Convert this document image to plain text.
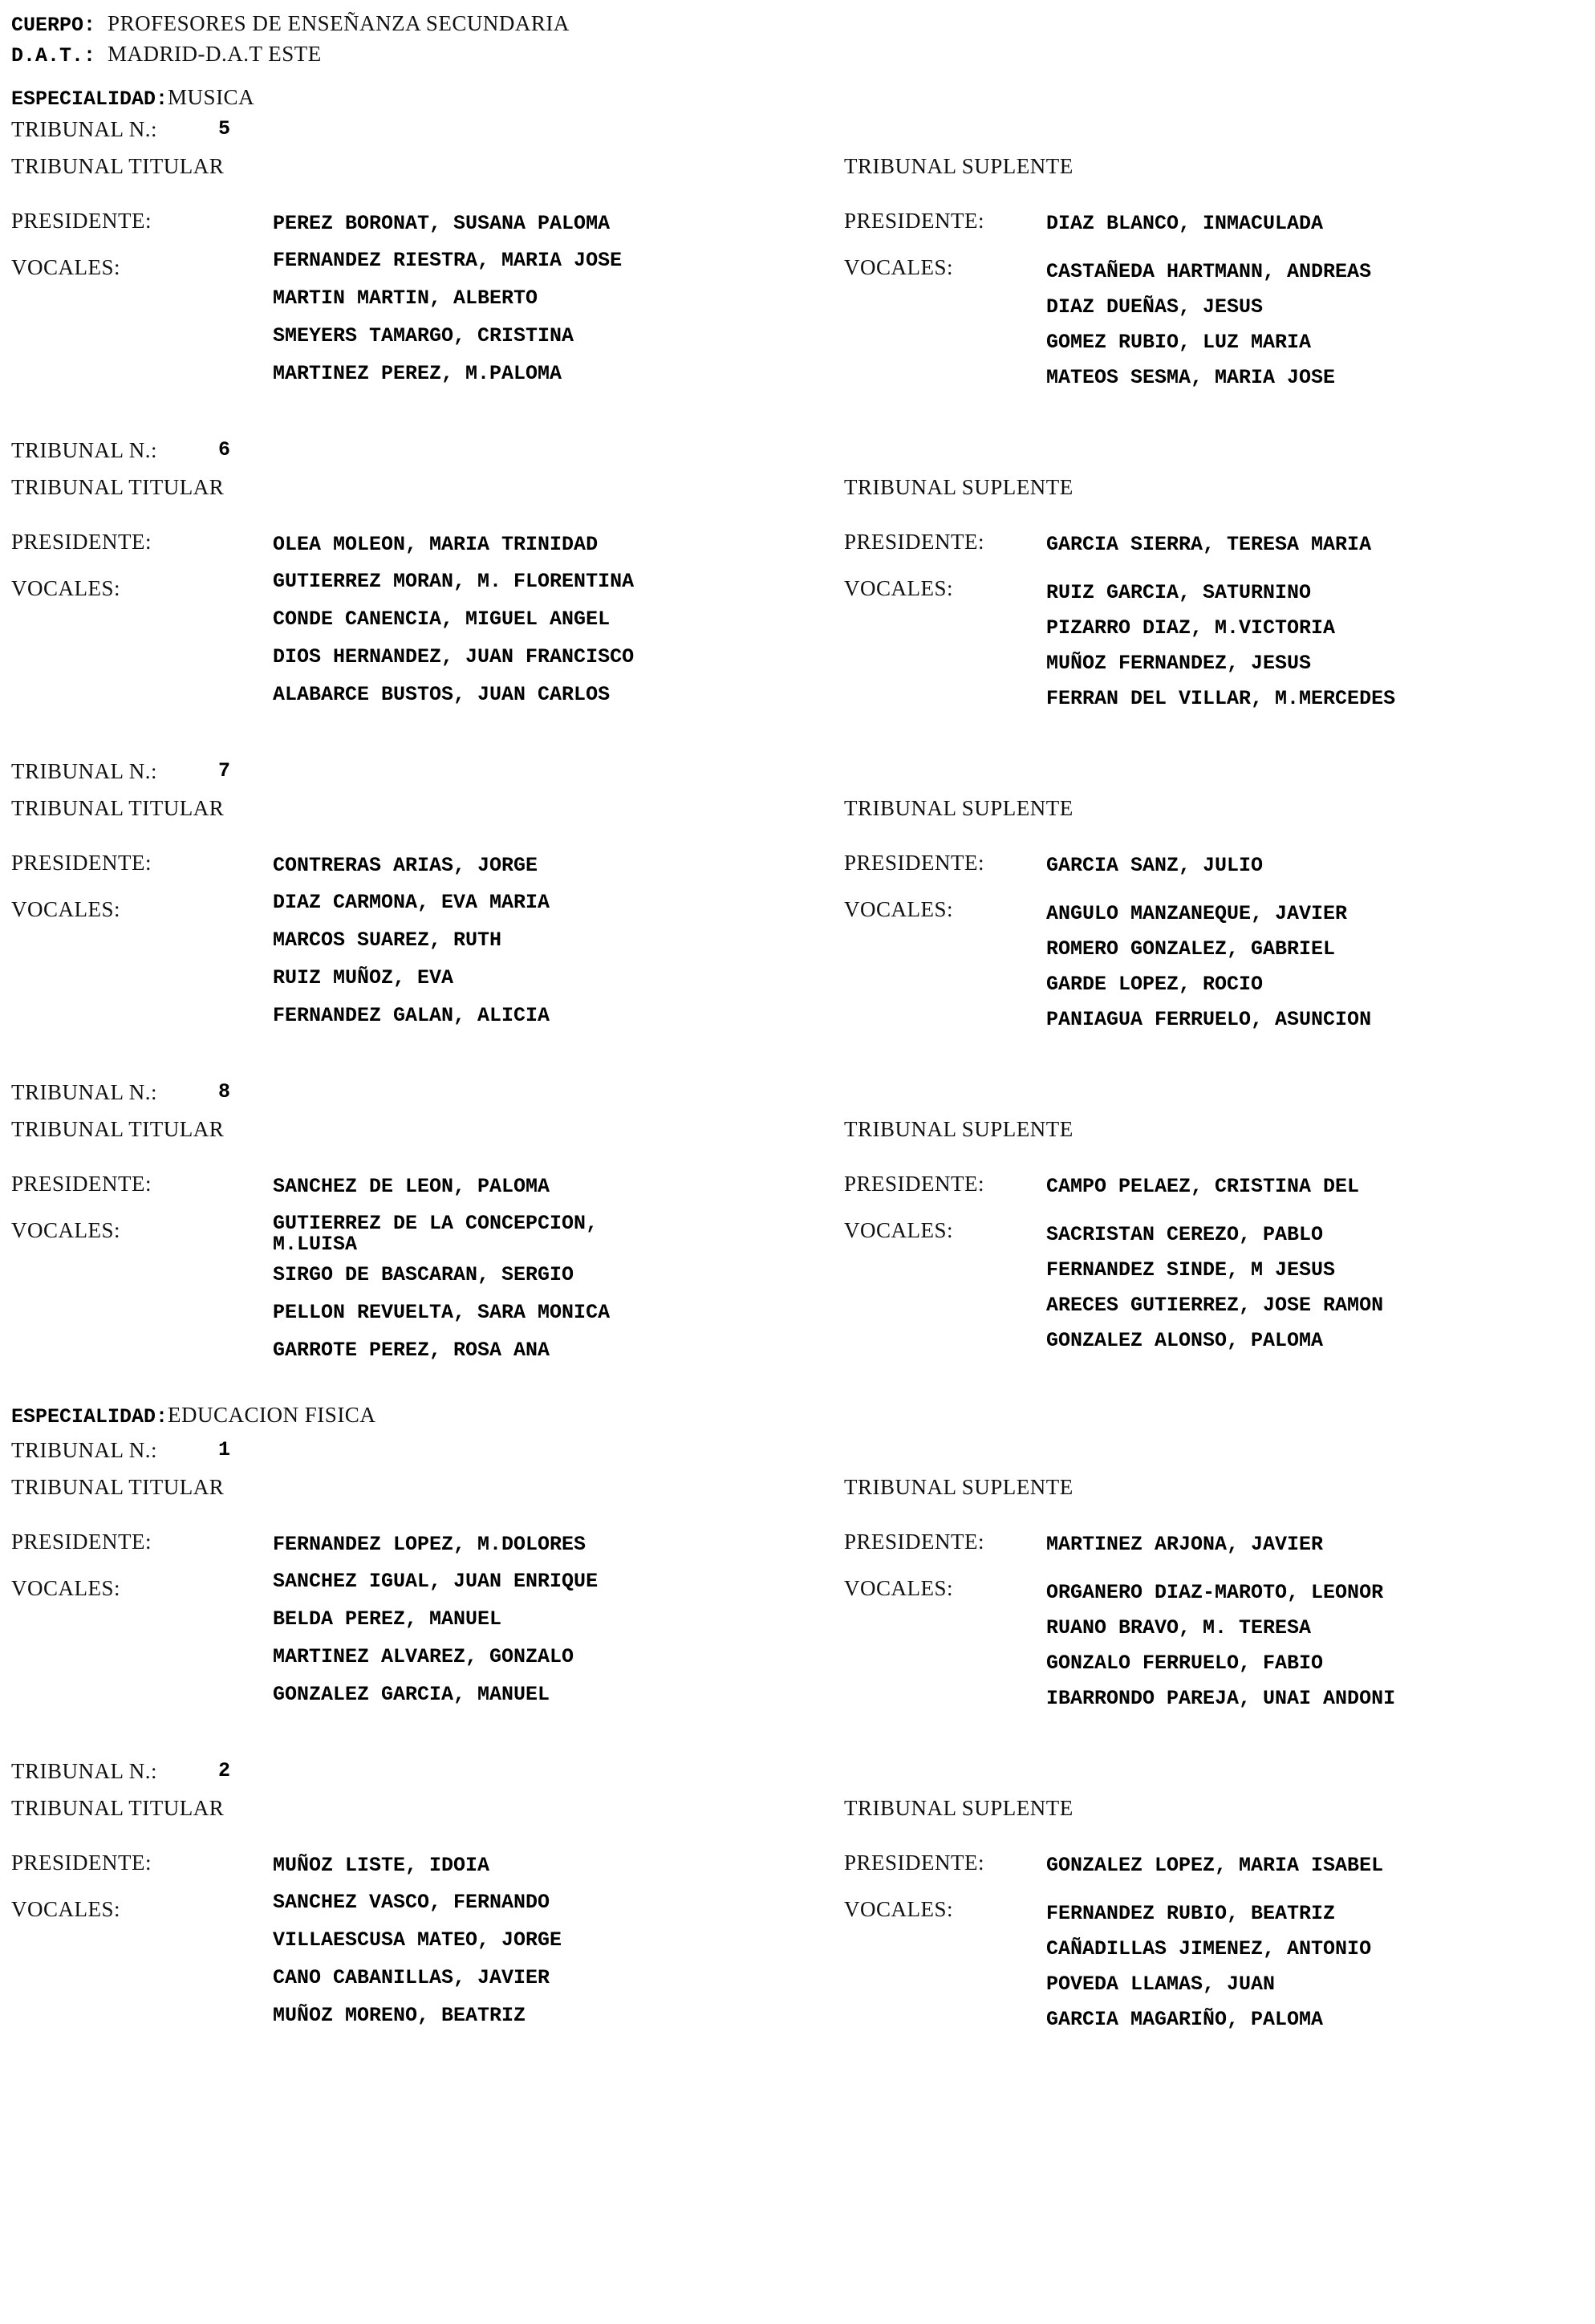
CUERPO: PROFESORES DE ENSEÑANZA SECUNDARIA
D.A.T.: MADRID-D.A.T ESTE
ESPECIALIDAD:MUSICA
TRIBUNAL N.:	5
TRIBUNAL TITULAR	TRIBUNAL SUPLENTE
PRESIDENTE:	PEREZ BORONAT, SUSANA PALOMA
VOCALES:	FERNANDEZ RIESTRA, MARIA JOSE
MARTIN MARTIN, ALBERTO
SMEYERS TAMARGO, CRISTINA
MARTINEZ PEREZ, M.PALOMA
PRESIDENTE:	DIAZ BLANCO, INMACULADA
VOCALES:	CASTAÑEDA HARTMANN, ANDREAS
DIAZ DUEÑAS, JESUS
GOMEZ RUBIO, LUZ MARIA
MATEOS SESMA, MARIA JOSE
TRIBUNAL N.:	6
TRIBUNAL TITULAR	TRIBUNAL SUPLENTE
PRESIDENTE:	OLEA MOLEON, MARIA TRINIDAD
VOCALES:	GUTIERREZ MORAN, M. FLORENTINA
CONDE CANENCIA, MIGUEL ANGEL
DIOS HERNANDEZ, JUAN FRANCISCO
ALABARCE BUSTOS, JUAN CARLOS
PRESIDENTE:	GARCIA SIERRA, TERESA MARIA
VOCALES:	RUIZ GARCIA, SATURNINO
PIZARRO DIAZ, M.VICTORIA
MUÑOZ FERNANDEZ, JESUS
FERRAN DEL VILLAR, M.MERCEDES
TRIBUNAL N.:	7
TRIBUNAL TITULAR	TRIBUNAL SUPLENTE
PRESIDENTE:	CONTRERAS ARIAS, JORGE
VOCALES:	DIAZ CARMONA, EVA MARIA
MARCOS SUAREZ, RUTH
RUIZ MUÑOZ, EVA
FERNANDEZ GALAN, ALICIA
PRESIDENTE:	GARCIA SANZ, JULIO
VOCALES:	ANGULO MANZANEQUE, JAVIER
ROMERO GONZALEZ, GABRIEL
GARDE LOPEZ, ROCIO
PANIAGUA FERRUELO, ASUNCION
TRIBUNAL N.:	8
TRIBUNAL TITULAR	TRIBUNAL SUPLENTE
PRESIDENTE:	SANCHEZ DE LEON, PALOMA
VOCALES:	GUTIERREZ DE LA CONCEPCION, M.LUISA
SIRGO DE BASCARAN, SERGIO
PELLON REVUELTA, SARA MONICA
GARROTE PEREZ, ROSA ANA
PRESIDENTE:	CAMPO PELAEZ, CRISTINA DEL
VOCALES:	SACRISTAN CEREZO, PABLO
FERNANDEZ SINDE, M JESUS
ARECES GUTIERREZ, JOSE RAMON
GONZALEZ ALONSO, PALOMA
ESPECIALIDAD:EDUCACION FISICA
TRIBUNAL N.:	1
TRIBUNAL TITULAR	TRIBUNAL SUPLENTE
PRESIDENTE:	FERNANDEZ LOPEZ, M.DOLORES
VOCALES:	SANCHEZ IGUAL, JUAN ENRIQUE
BELDA PEREZ, MANUEL
MARTINEZ ALVAREZ, GONZALO
GONZALEZ GARCIA, MANUEL
PRESIDENTE:	MARTINEZ ARJONA, JAVIER
VOCALES:	ORGANERO DIAZ-MAROTO, LEONOR
RUANO BRAVO, M. TERESA
GONZALO FERRUELO, FABIO
IBARRONDO PAREJA, UNAI ANDONI
TRIBUNAL N.:	2
TRIBUNAL TITULAR	TRIBUNAL SUPLENTE
PRESIDENTE:	MUÑOZ LISTE, IDOIA
VOCALES:	SANCHEZ VASCO, FERNANDO
VILLAESCUSA MATEO, JORGE
CANO CABANILLAS, JAVIER
MUÑOZ MORENO, BEATRIZ
PRESIDENTE:	GONZALEZ LOPEZ, MARIA ISABEL
VOCALES:	FERNANDEZ RUBIO, BEATRIZ
CAÑADILLAS JIMENEZ, ANTONIO
POVEDA LLAMAS, JUAN
GARCIA MAGARIÑO, PALOMA
